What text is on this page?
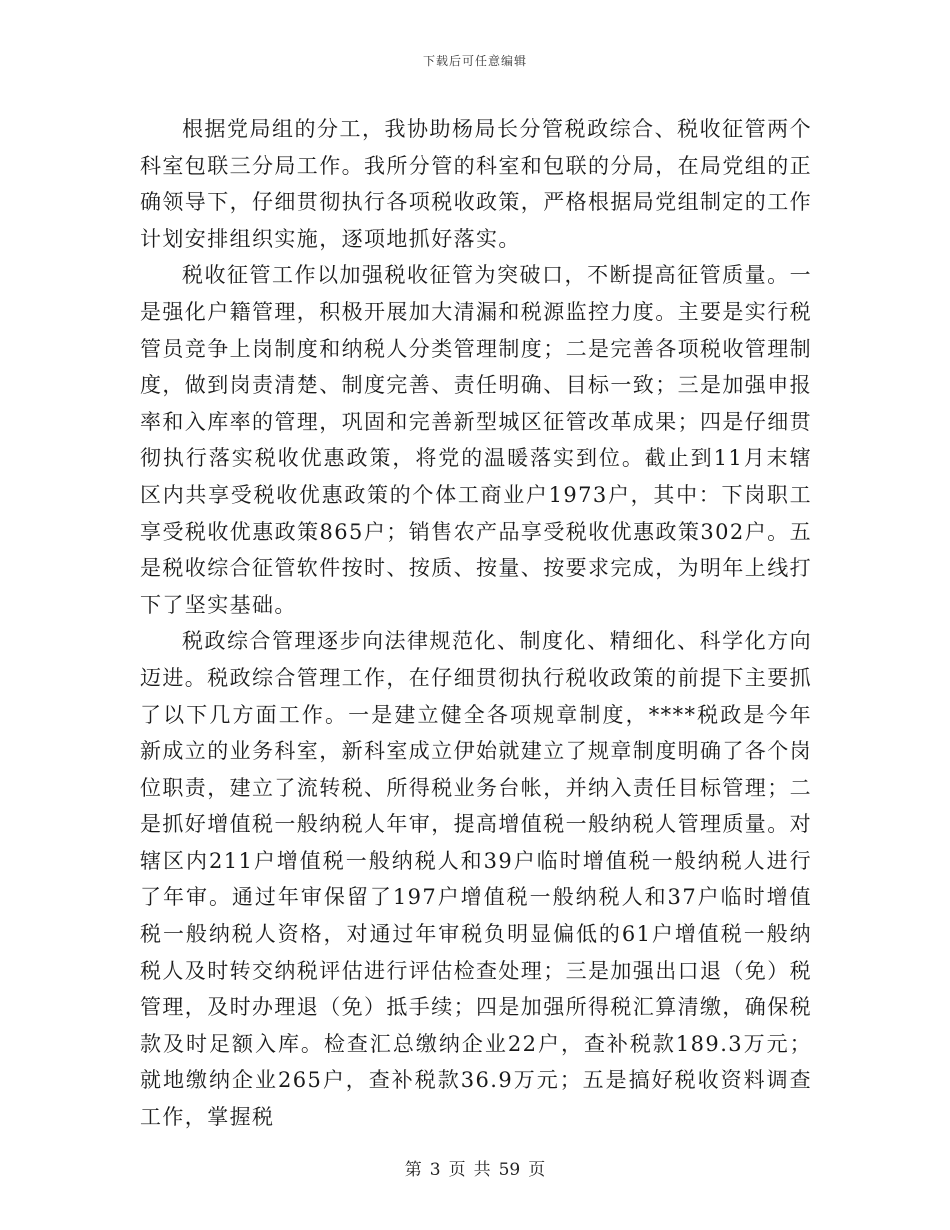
下载后可任意编辑

根据党局组的分工，我协助杨局长分管税政综合、税收征管两个科室包联三分局工作。我所分管的科室和包联的分局，在局党组的正确领导下，仔细贯彻执行各项税收政策，严格根据局党组制定的工作计划安排组织实施，逐项地抓好落实。

税收征管工作以加强税收征管为突破口，不断提高征管质量。一是强化户籍管理，积极开展加大清漏和税源监控力度。主要是实行税管员竞争上岗制度和纳税人分类管理制度；二是完善各项税收管理制度，做到岗责清楚、制度完善、责任明确、目标一致；三是加强申报率和入库率的管理，巩固和完善新型城区征管改革成果；四是仔细贯彻执行落实税收优惠政策，将党的温暖落实到位。截止到11月末辖区内共享受税收优惠政策的个体工商业户1973户，其中：下岗职工享受税收优惠政策865户；销售农产品享受税收优惠政策302户。五是税收综合征管软件按时、按质、按量、按要求完成，为明年上线打下了坚实基础。

税政综合管理逐步向法律规范化、制度化、精细化、科学化方向迈进。税政综合管理工作，在仔细贯彻执行税收政策的前提下主要抓了以下几方面工作。一是建立健全各项规章制度，****税政是今年新成立的业务科室，新科室成立伊始就建立了规章制度明确了各个岗位职责，建立了流转税、所得税业务台帐，并纳入责任目标管理；二是抓好增值税一般纳税人年审，提高增值税一般纳税人管理质量。对辖区内211户增值税一般纳税人和39户临时增值税一般纳税人进行了年审。通过年审保留了197户增值税一般纳税人和37户临时增值税一般纳税人资格，对通过年审税负明显偏低的61户增值税一般纳税人及时转交纳税评估进行评估检查处理；三是加强出口退（免）税管理，及时办理退（免）抵手续；四是加强所得税汇算清缴，确保税款及时足额入库。检查汇总缴纳企业22户，查补税款189.3万元；就地缴纳企业265户，查补税款36.9万元；五是搞好税收资料调查工作，掌握税

第 3 页 共 59 页
